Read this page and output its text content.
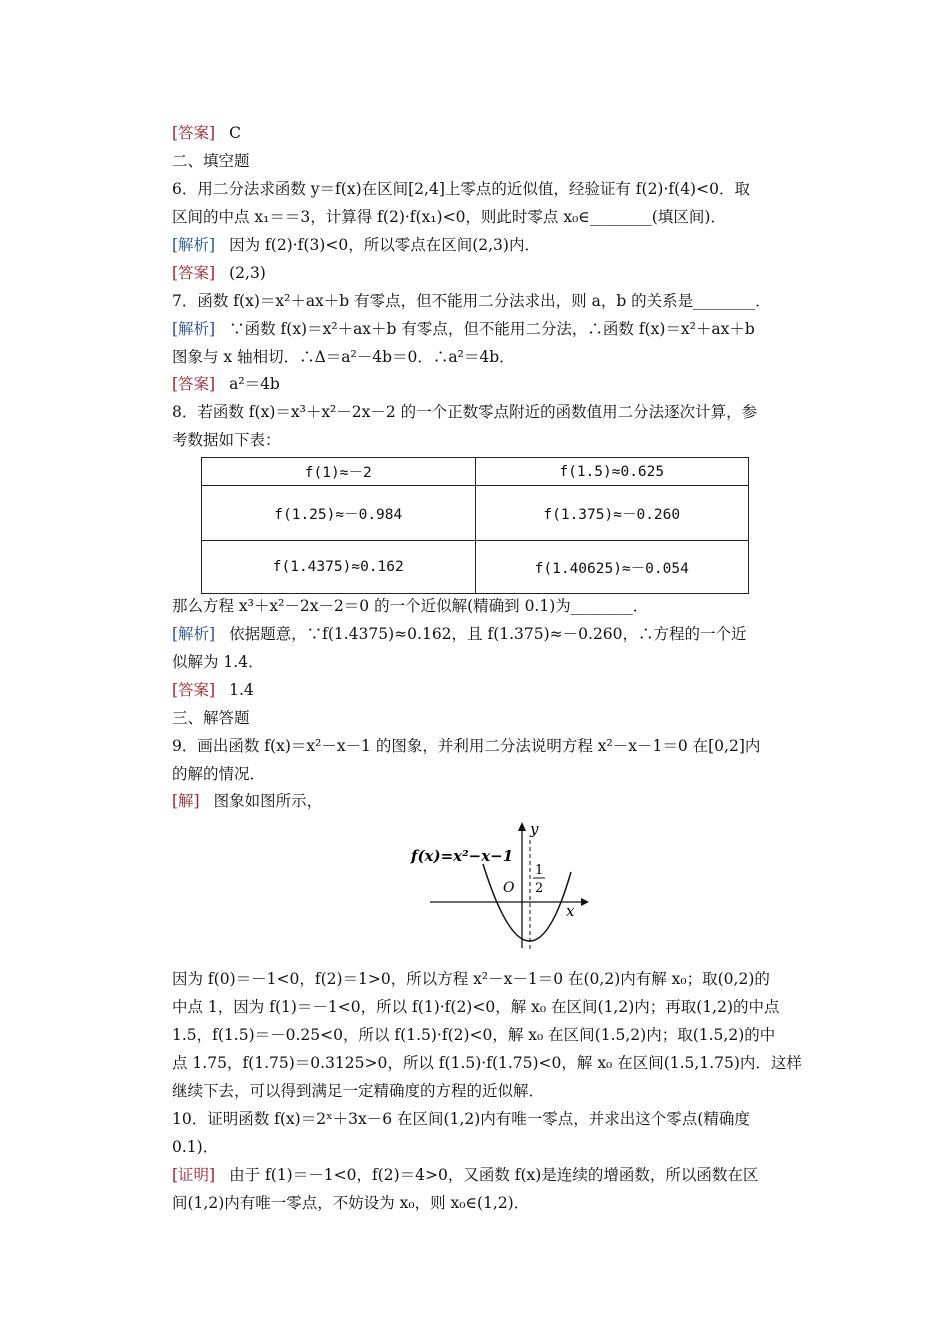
[答案] C
二、填空题
6．用二分法求函数 y＝f(x)在区间[2,4]上零点的近似值，经验证有 f(2)·f(4)<0．取
区间的中点 x₁＝＝3，计算得 f(2)·f(x₁)<0，则此时零点 x₀∈________(填区间)．
[解析] 因为 f(2)·f(3)<0，所以零点在区间(2,3)内．
[答案] (2,3)
7．函数 f(x)＝x²＋ax＋b 有零点，但不能用二分法求出，则 a，b 的关系是________．
[解析] ∵函数 f(x)＝x²＋ax＋b 有零点，但不能用二分法，∴函数 f(x)＝x²＋ax＋b
图象与 x 轴相切．∴Δ＝a²－4b＝0．∴a²＝4b．
[答案] a²＝4b
8．若函数 f(x)＝x³＋x²－2x－2 的一个正数零点附近的函数值用二分法逐次计算，参
考数据如下表：
f(1)≈－2	f(1.5)≈0.625
f(1.25)≈－0.984	f(1.375)≈－0.260
f(1.4375)≈0.162	f(1.40625)≈－0.054
那么方程 x³＋x²－2x－2＝0 的一个近似解(精确到 0.1)为________．
[解析] 依据题意，∵f(1.4375)≈0.162，且 f(1.375)≈－0.260，∴方程的一个近
似解为 1.4．
[答案] 1.4
三、解答题
9．画出函数 f(x)＝x²－x－1 的图象，并利用二分法说明方程 x²－x－1＝0 在[0,2]内
的解的情况．
[解] 图象如图所示，
f(x)=x²−x−1
y
x
O
1
2
因为 f(0)＝－1<0，f(2)＝1>0，所以方程 x²－x－1＝0 在(0,2)内有解 x₀；取(0,2)的
中点 1，因为 f(1)＝－1<0，所以 f(1)·f(2)<0，解 x₀ 在区间(1,2)内；再取(1,2)的中点
1.5，f(1.5)＝－0.25<0，所以 f(1.5)·f(2)<0，解 x₀ 在区间(1.5,2)内；取(1.5,2)的中
点 1.75，f(1.75)＝0.3125>0，所以 f(1.5)·f(1.75)<0，解 x₀ 在区间(1.5,1.75)内．这样
继续下去，可以得到满足一定精确度的方程的近似解．
10．证明函数 f(x)＝2ˣ＋3x－6 在区间(1,2)内有唯一零点，并求出这个零点(精确度
0.1)．
[证明] 由于 f(1)＝－1<0，f(2)＝4>0，又函数 f(x)是连续的增函数，所以函数在区
间(1,2)内有唯一零点，不妨设为 x₀，则 x₀∈(1,2)．
